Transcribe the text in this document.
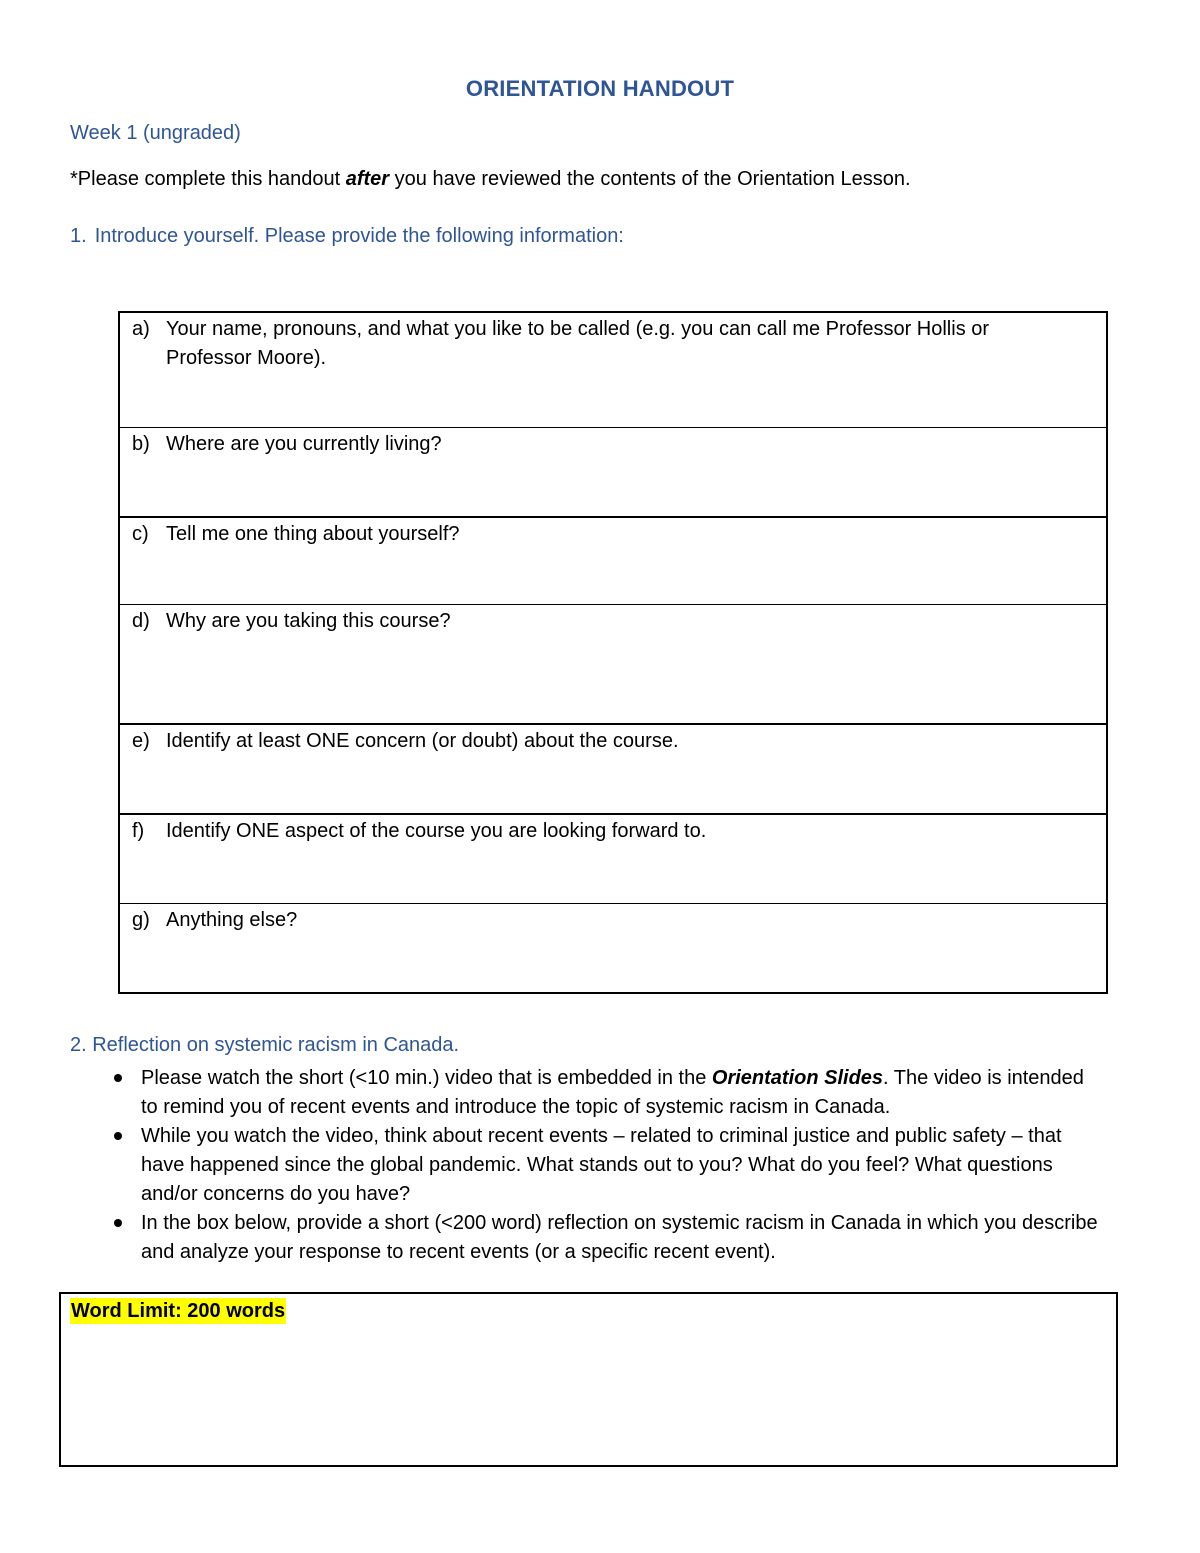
ORIENTATION HANDOUT
Week 1 (ungraded)
*Please complete this handout after you have reviewed the contents of the Orientation Lesson.
1. Introduce yourself. Please provide the following information:
a) Your name, pronouns, and what you like to be called (e.g. you can call me Professor Hollis or Professor Moore).
b) Where are you currently living?
c) Tell me one thing about yourself?
d) Why are you taking this course?
e) Identify at least ONE concern (or doubt) about the course.
f) Identify ONE aspect of the course you are looking forward to.
g) Anything else?
2. Reflection on systemic racism in Canada.
Please watch the short (<10 min.) video that is embedded in the Orientation Slides. The video is intended to remind you of recent events and introduce the topic of systemic racism in Canada.
While you watch the video, think about recent events – related to criminal justice and public safety – that have happened since the global pandemic. What stands out to you? What do you feel? What questions and/or concerns do you have?
In the box below, provide a short (<200 word) reflection on systemic racism in Canada in which you describe and analyze your response to recent events (or a specific recent event).
Word Limit: 200 words
